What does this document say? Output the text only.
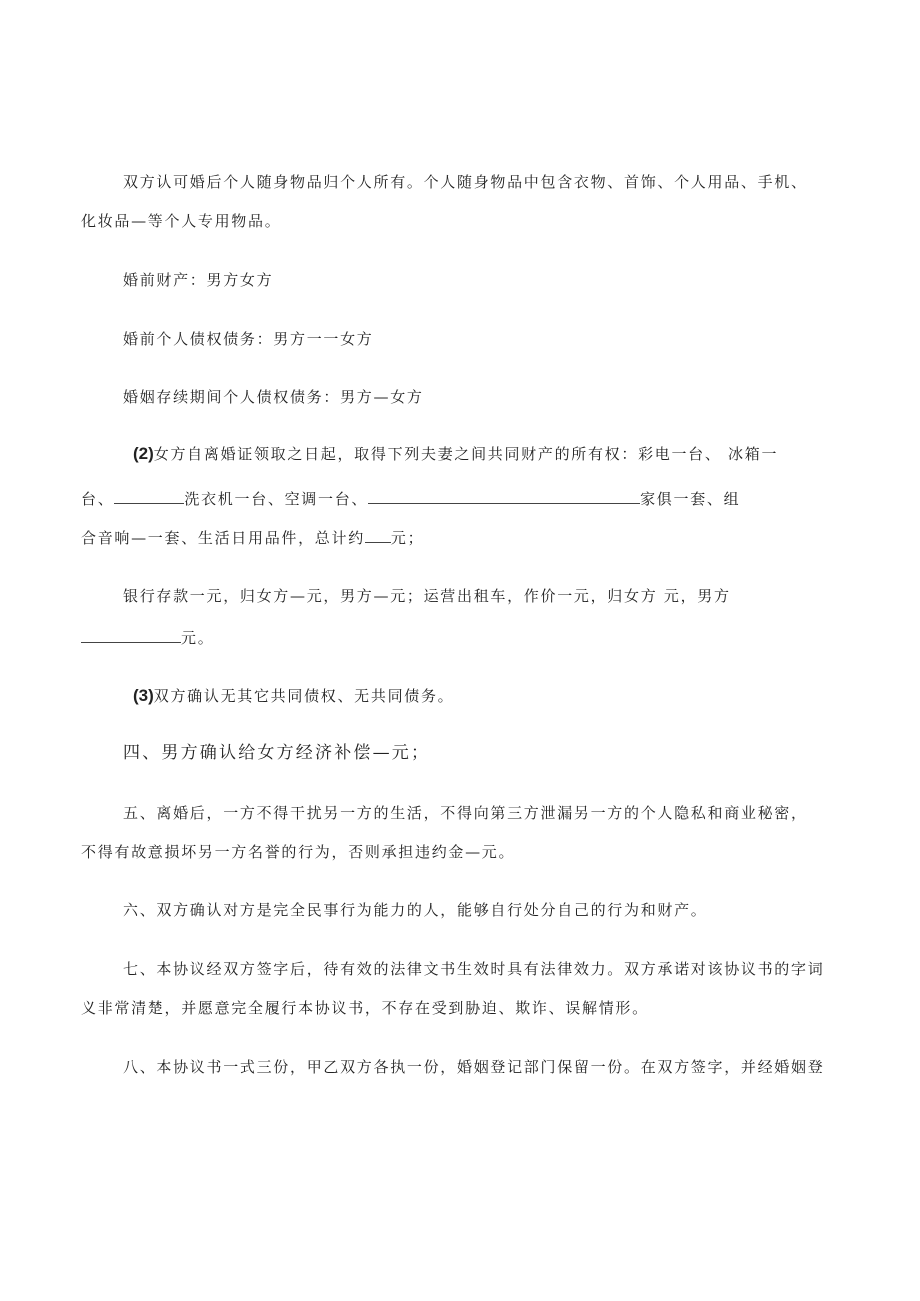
双方认可婚后个人随身物品归个人所有。个人随身物品中包含衣物、首饰、个人用品、手机、
化妆品—等个人专用物品。
婚前财产：男方女方
婚前个人债权债务：男方一一女方
婚姻存续期间个人债权债务：男方—女方
(2)女方自离婚证领取之日起，取得下列夫妻之间共同财产的所有权：彩电一台、 冰箱一
台、	洗衣机一台、空调一台、	家俱一套、组
合音响—一套、生活日用品件，总计约 元；
银行存款一元，归女方—元，男方—元；运营出租车，作价一元，归女方 元，男方
元。
(3)双方确认无其它共同债权、无共同债务。
四、男方确认给女方经济补偿—元；
五、离婚后，一方不得干扰另一方的生活，不得向第三方泄漏另一方的个人隐私和商业秘密，
不得有故意损坏另一方名誉的行为，否则承担违约金—元。
六、双方确认对方是完全民事行为能力的人，能够自行处分自己的行为和财产。
七、本协议经双方签字后，待有效的法律文书生效时具有法律效力。双方承诺对该协议书的字词
义非常清楚，并愿意完全履行本协议书，不存在受到胁迫、欺诈、误解情形。
八、本协议书一式三份，甲乙双方各执一份，婚姻登记部门保留一份。在双方签字，并经婚姻登
